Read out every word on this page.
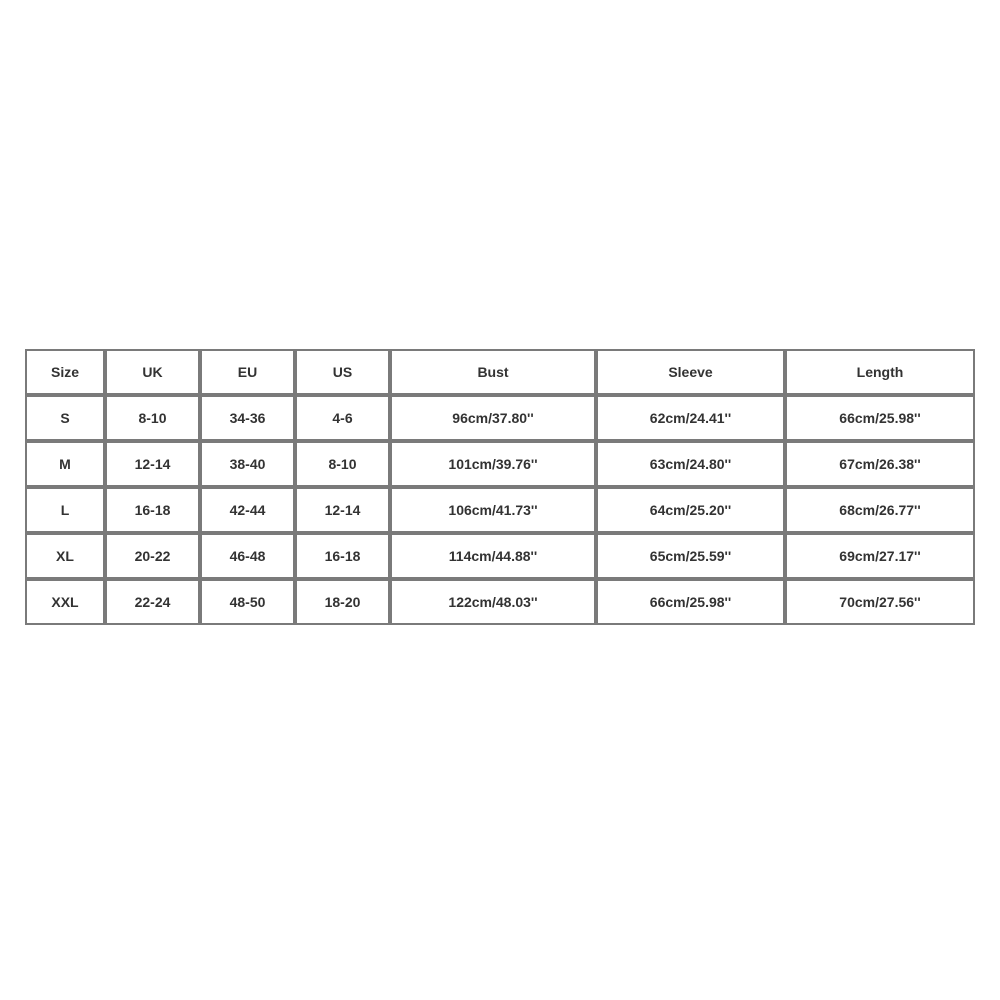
Size	UK	EU	US	Bust	Sleeve	Length
S	8-10	34-36	4-6	96cm/37.80''	62cm/24.41''	66cm/25.98''
M	12-14	38-40	8-10	101cm/39.76''	63cm/24.80''	67cm/26.38''
L	16-18	42-44	12-14	106cm/41.73''	64cm/25.20''	68cm/26.77''
XL	20-22	46-48	16-18	114cm/44.88''	65cm/25.59''	69cm/27.17''
XXL	22-24	48-50	18-20	122cm/48.03''	66cm/25.98''	70cm/27.56''
